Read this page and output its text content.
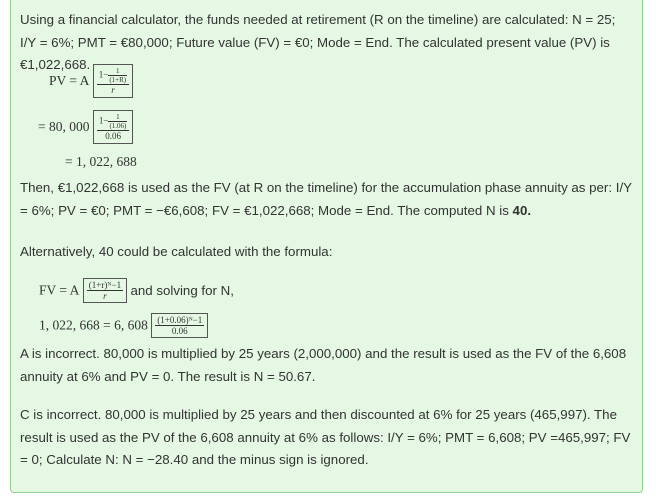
Using a financial calculator, the funds needed at retirement (R on the timeline) are calculated: N = 25; I/Y = 6%; PMT = €80,000; Future value (FV) = €0; Mode = End. The calculated present value (PV) is €1,022,668.

PV = A $\frac{1- \frac{1}{(1+R)}}{r}$
= 80, $000 \frac{1- \frac{1}{(1.06)}}{0.06}$
= 1, 022, 688

Then, €1,022,668 is used as the FV (at R on the timeline) for the accumulation phase annuity as per: I/Y = 6%; PV = €0; PMT = −€6,608; FV = €1,022,668; Mode = End. The computed N is 40.

Alternatively, 40 could be calculated with the formula:

FV = A $\frac{\text{(1+r)ᴺ−1}}{r}$ and solving for N,
1, 022, 668 = 6, $608 \frac{\text{(1+0.06)ᴺ−1}}{0.06}$

A is incorrect. 80,000 is multiplied by 25 years (2,000,000) and the result is used as the FV of the 6,608 annuity at 6% and PV = 0. The result is N = 50.67.

C is incorrect. 80,000 is multiplied by 25 years and then discounted at 6% for 25 years (465,997). The result is used as the PV of the 6,608 annuity at 6% as follows: I/Y = 6%; PMT = 6,608; PV =465,997; FV = 0; Calculate N: N = −28.40 and the minus sign is ignored.
